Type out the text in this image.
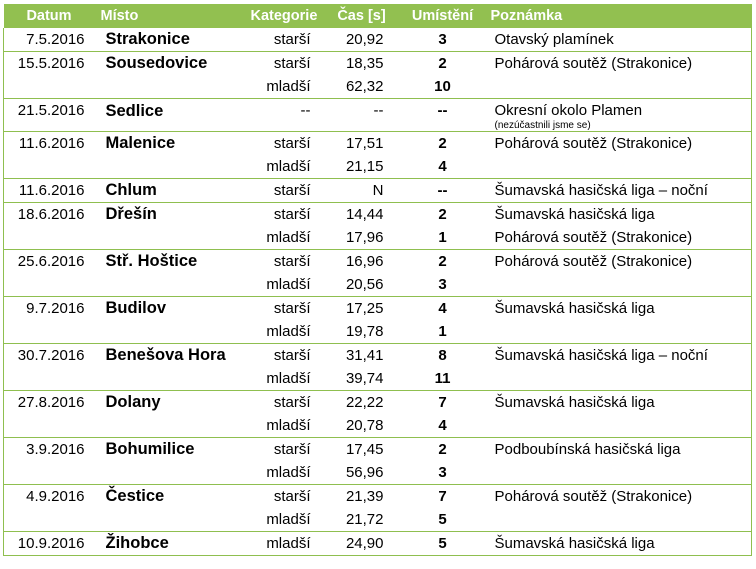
Datum	Místo	Kategorie	Čas [s]	Umístění	Poznámka
7.5.2016	Strakonice	starší	20,92	3	Otavský plamínek
15.5.2016	Sousedovice	starší	18,35	2	Pohárová soutěž (Strakonice)
		mladší	62,32	10	
21.5.2016	Sedlice	--	--	--	Okresní okolo Plamen
(nezúčastnili jsme se)

11.6.2016	Malenice	starší	17,51	2	Pohárová soutěž (Strakonice)
		mladší	21,15	4	
11.6.2016	Chlum	starší	N	--	Šumavská hasičská liga – noční
18.6.2016	Dřešín	starší	14,44	2	Šumavská hasičská liga
		mladší	17,96	1	Pohárová soutěž (Strakonice)
25.6.2016	Stř. Hoštice	starší	16,96	2	Pohárová soutěž (Strakonice)
		mladší	20,56	3	
9.7.2016	Budilov	starší	17,25	4	Šumavská hasičská liga
		mladší	19,78	1	
30.7.2016	Benešova Hora	starší	31,41	8	Šumavská hasičská liga – noční
		mladší	39,74	11	
27.8.2016	Dolany	starší	22,22	7	Šumavská hasičská liga
		mladší	20,78	4	
3.9.2016	Bohumilice	starší	17,45	2	Podboubínská hasičská liga
		mladší	56,96	3	
4.9.2016	Čestice	starší	21,39	7	Pohárová soutěž (Strakonice)
		mladší	21,72	5	
10.9.2016	Žihobce	mladší	24,90	5	Šumavská hasičská liga
